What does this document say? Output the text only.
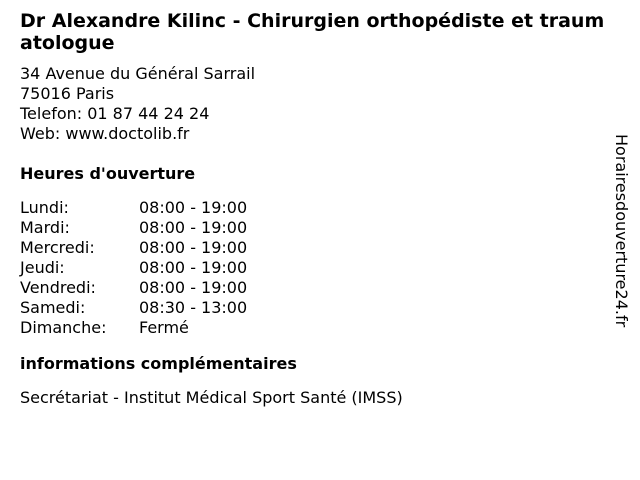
Dr Alexandre Kilinc - Chirurgien orthopédiste et traumatologue
34 Avenue du Général Sarrail
75016 Paris
Telefon: 01 87 44 24 24
Web: www.doctolib.fr
Heures d'ouverture
Lundi:	08:00 - 19:00
Mardi:	08:00 - 19:00
Mercredi:	08:00 - 19:00
Jeudi:	08:00 - 19:00
Vendredi:	08:00 - 19:00
Samedi:	08:30 - 13:00
Dimanche:	Fermé
informations complémentaires
Secrétariat - Institut Médical Sport Santé (IMSS)
Horairesdouverture24.fr
